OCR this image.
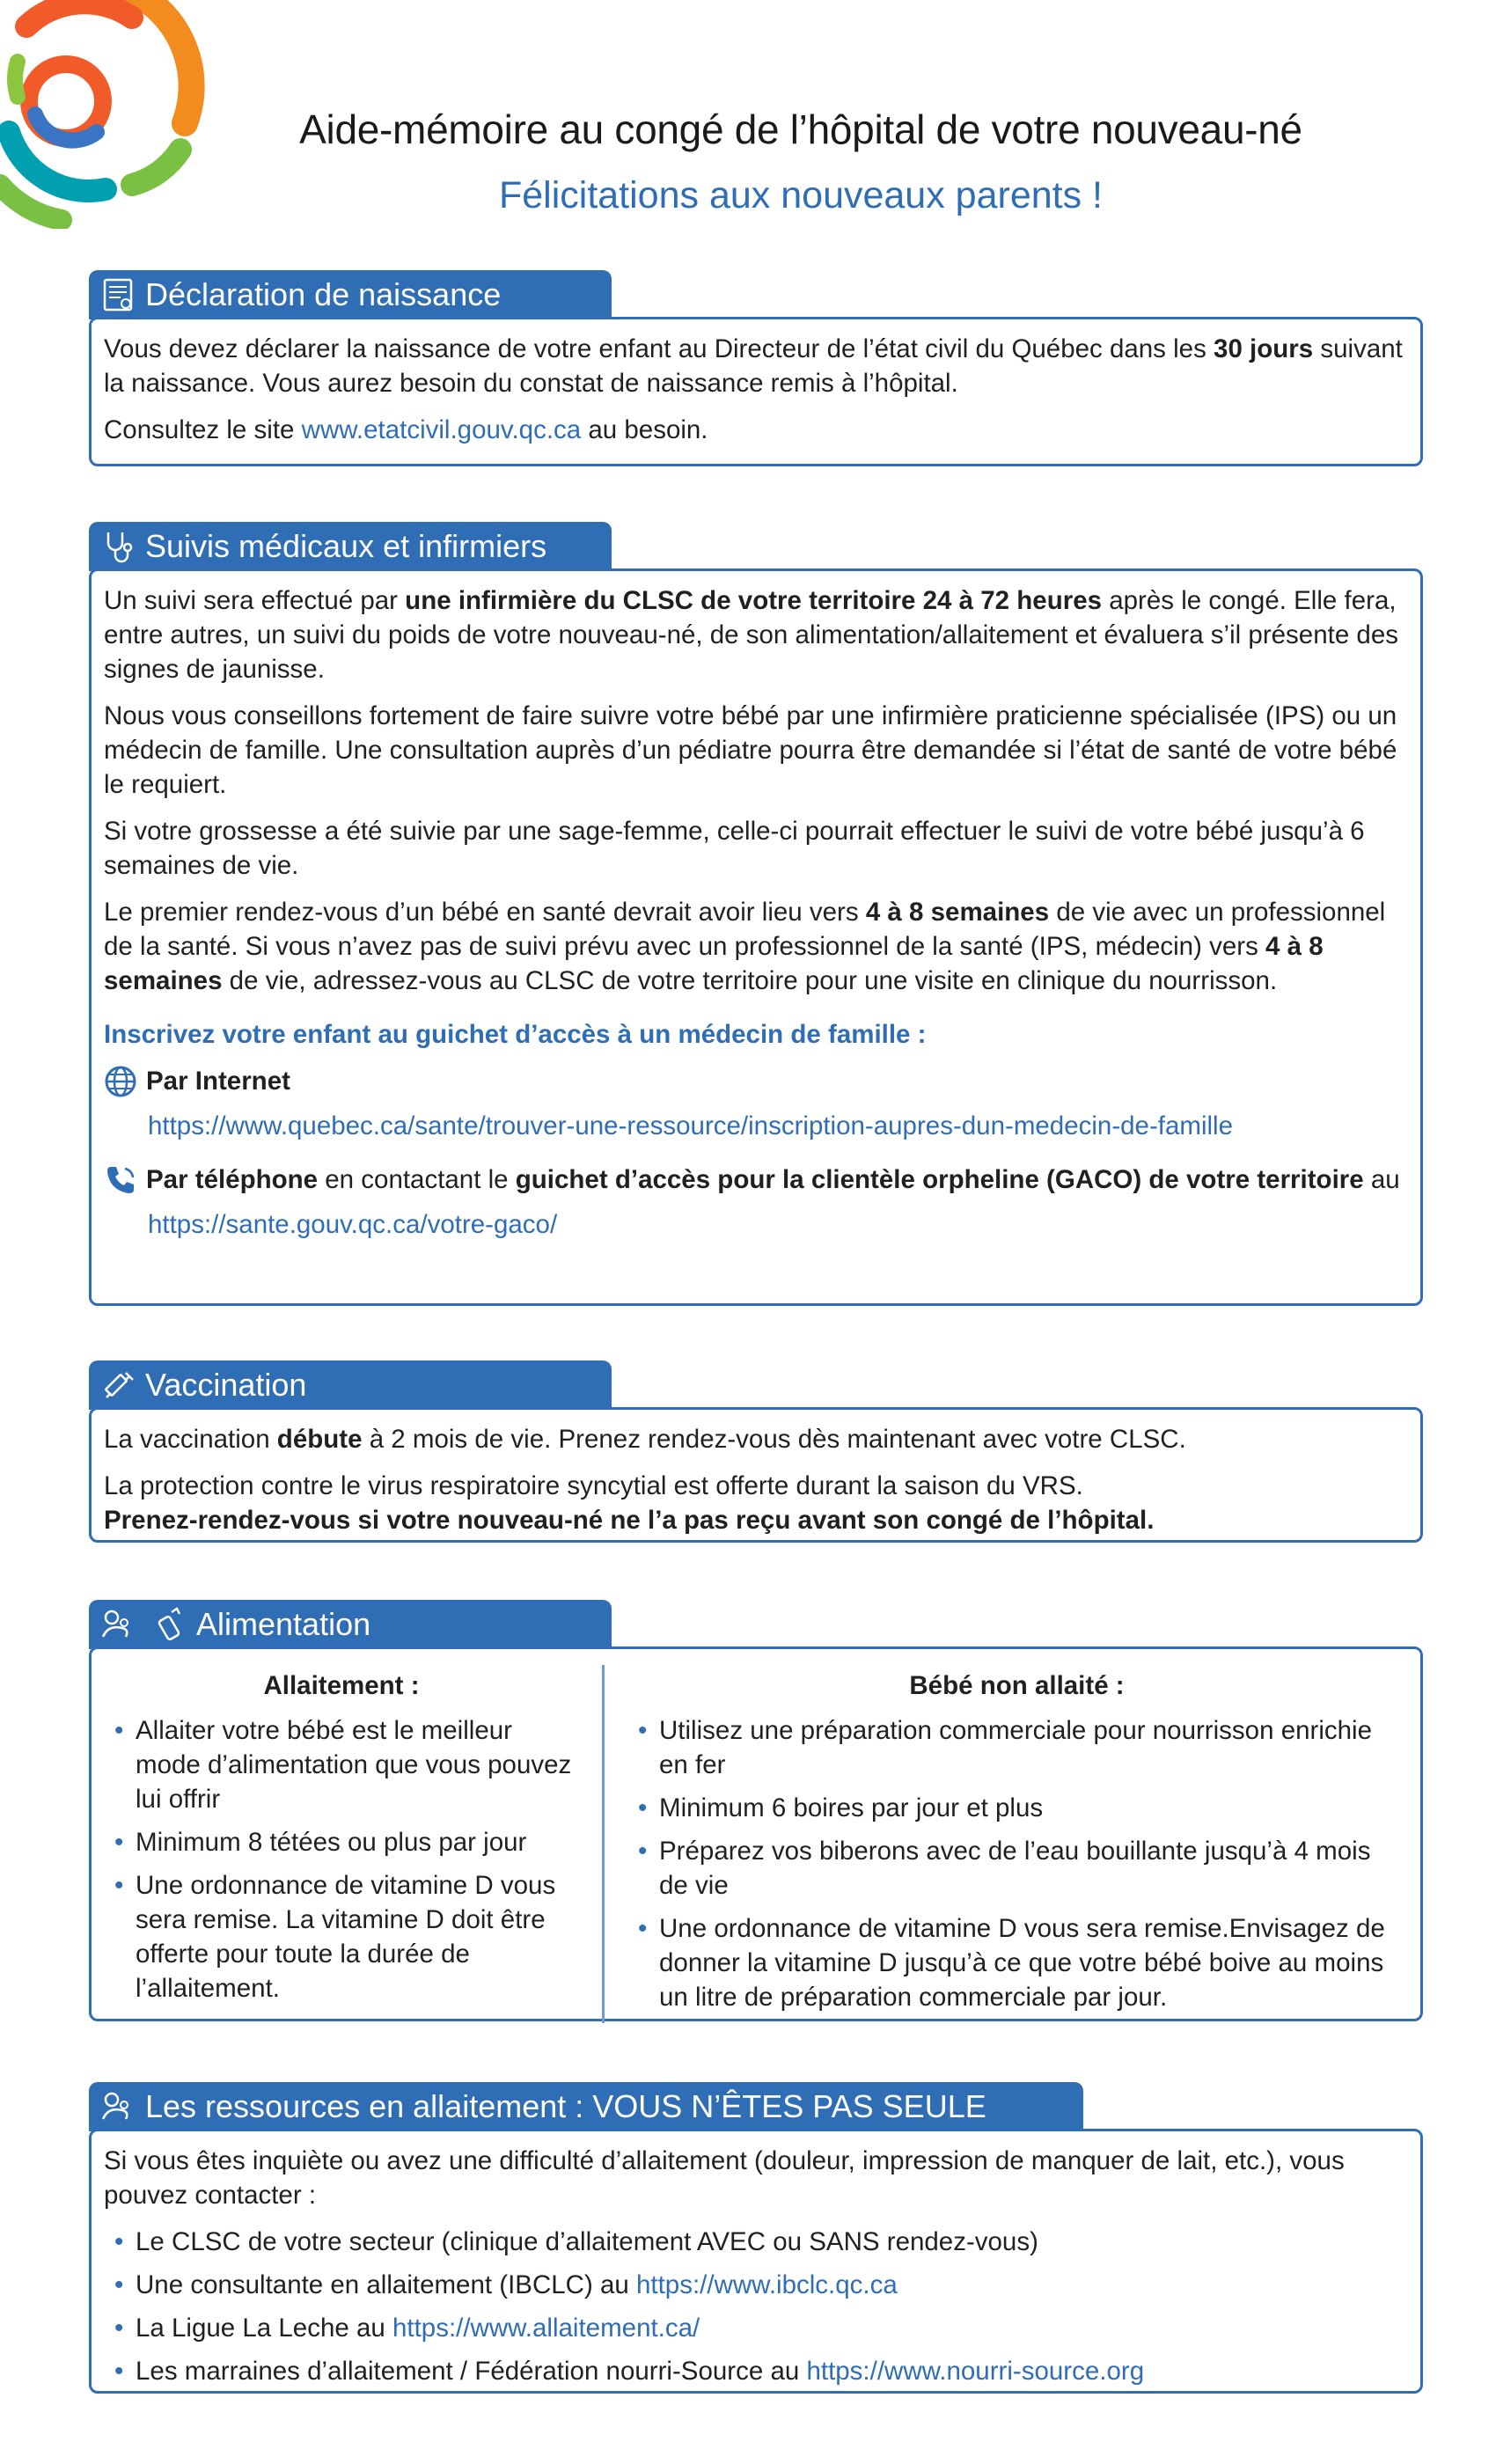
Aide-mémoire au congé de l’hôpital de votre nouveau-né
Félicitations aux nouveaux parents !
Déclaration de naissance

Vous devez déclarer la naissance de votre enfant au Directeur de l’état civil du Québec dans les 30 jours suivant la naissance. Vous aurez besoin du constat de naissance remis à l’hôpital.

Consultez le site www.etatcivil.gouv.qc.ca au besoin.

Suivis médicaux et infirmiers

Un suivi sera effectué par une infirmière du CLSC de votre territoire 24 à 72 heures après le congé. Elle fera, entre autres, un suivi du poids de votre nouveau-né, de son alimentation/allaitement et évaluera s’il présente des signes de jaunisse.

Nous vous conseillons fortement de faire suivre votre bébé par une infirmière praticienne spécialisée (IPS) ou un médecin de famille. Une consultation auprès d’un pédiatre pourra être demandée si l’état de santé de votre bébé le requiert.

Si votre grossesse a été suivie par une sage-femme, celle-ci pourrait effectuer le suivi de votre bébé jusqu’à 6 semaines de vie.

Le premier rendez-vous d’un bébé en santé devrait avoir lieu vers 4 à 8 semaines de vie avec un professionnel de la santé. Si vous n’avez pas de suivi prévu avec un professionnel de la santé (IPS, médecin) vers 4 à 8 semaines de vie, adressez-vous au CLSC de votre territoire pour une visite en clinique du nourrisson.

Inscrivez votre enfant au guichet d’accès à un médecin de famille :
Par Internet
https://www.quebec.ca/sante/trouver-une-ressource/inscription-aupres-dun-medecin-de-famille
Par téléphone en contactant le guichet d’accès pour la clientèle orpheline (GACO) de votre territoire au
https://sante.gouv.qc.ca/votre-gaco/
Vaccination

La vaccination débute à 2 mois de vie. Prenez rendez-vous dès maintenant avec votre CLSC.

La protection contre le virus respiratoire syncytial est offerte durant la saison du VRS.
Prenez-rendez-vous si votre nouveau-né ne l’a pas reçu avant son congé de l’hôpital.

Alimentation
Allaitement :
• Allaiter votre bébé est le meilleur mode d’alimentation que vous pouvez lui offrir
• Minimum 8 tétées ou plus par jour
• Une ordonnance de vitamine D vous sera remise. La vitamine D doit être offerte pour toute la durée de l’allaitement.
Bébé non allaité :
• Utilisez une préparation commerciale pour nourrisson enrichie en fer
• Minimum 6 boires par jour et plus
• Préparez vos biberons avec de l’eau bouillante jusqu’à 4 mois de vie
• Une ordonnance de vitamine D vous sera remise.Envisagez de donner la vitamine D jusqu’à ce que votre bébé boive au moins un litre de préparation commerciale par jour.
Les ressources en allaitement : VOUS N’ÊTES PAS SEULE

Si vous êtes inquiète ou avez une difficulté d’allaitement (douleur, impression de manquer de lait, etc.), vous pouvez contacter :

• Le CLSC de votre secteur (clinique d’allaitement AVEC ou SANS rendez-vous)
• Une consultante en allaitement (IBCLC) au https://www.ibclc.qc.ca
• La Ligue La Leche au https://www.allaitement.ca/
• Les marraines d’allaitement / Fédération nourri-Source au https://www.nourri-source.org
